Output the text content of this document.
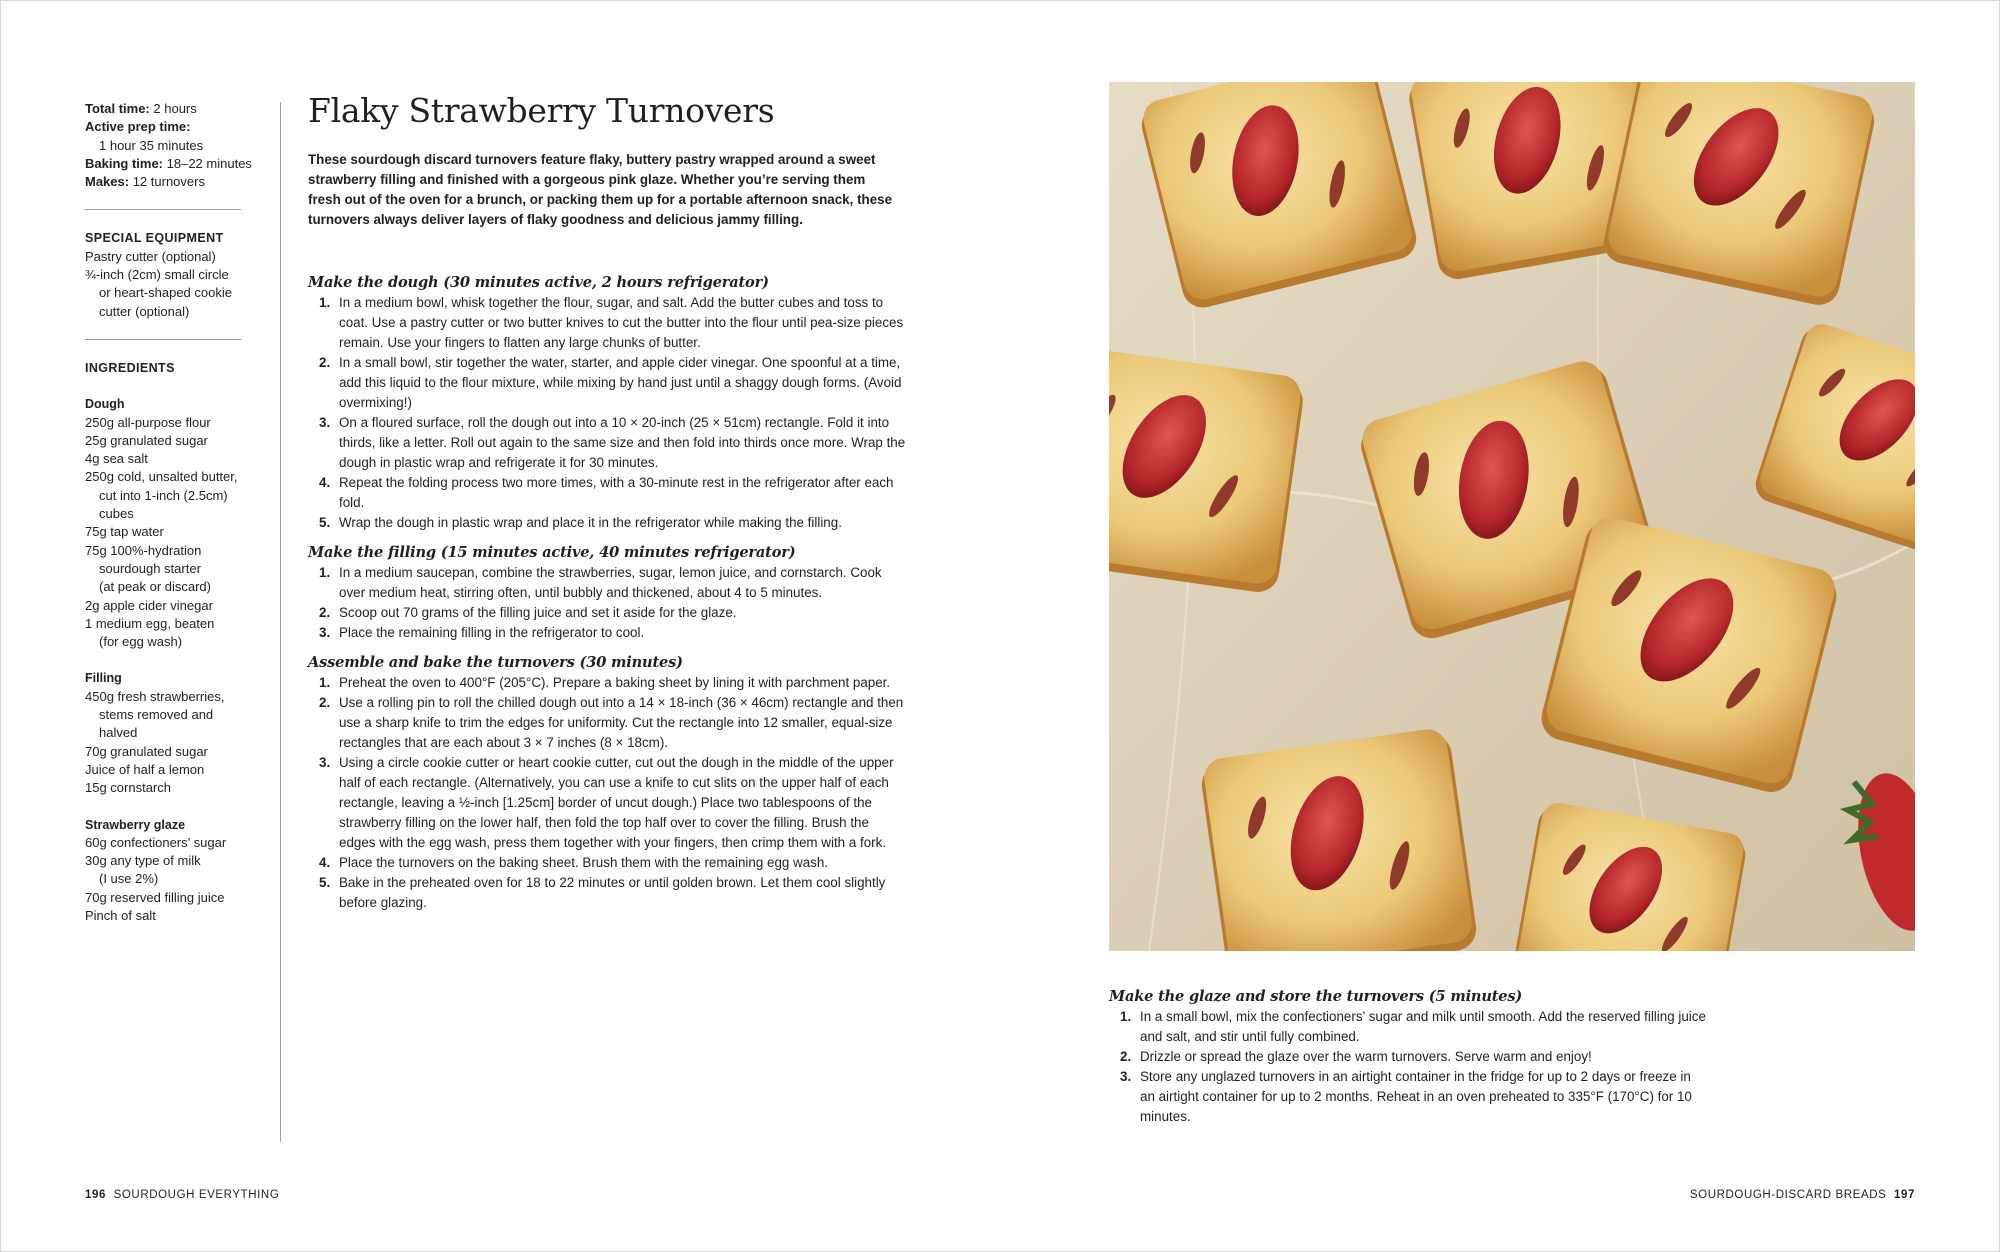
Total time: 2 hours
Active prep time:
1 hour 35 minutes
Baking time: 18–22 minutes
Makes: 12 turnovers
SPECIAL EQUIPMENT
Pastry cutter (optional)
¾-inch (2cm) small circle
or heart-shaped cookie
cutter (optional)
INGREDIENTS
Dough
250g all-purpose flour
25g granulated sugar
4g sea salt
250g cold, unsalted butter,
cut into 1-inch (2.5cm)
cubes
75g tap water
75g 100%-hydration
sourdough starter
(at peak or discard)
2g apple cider vinegar
1 medium egg, beaten
(for egg wash)
Filling
450g fresh strawberries,
stems removed and
halved
70g granulated sugar
Juice of half a lemon
15g cornstarch
Strawberry glaze
60g confectioners’ sugar
30g any type of milk
(I use 2%)
70g reserved filling juice
Pinch of salt
Flaky Strawberry Turnovers

These sourdough discard turnovers feature flaky, buttery pastry wrapped around a sweet strawberry filling and finished with a gorgeous pink glaze. Whether you’re serving them fresh out of the oven for a brunch, or packing them up for a portable afternoon snack, these turnovers always deliver layers of flaky goodness and delicious jammy filling.

Make the dough (30 minutes active, 2 hours refrigerator)
1. In a medium bowl, whisk together the flour, sugar, and salt. Add the butter cubes and toss to coat. Use a pastry cutter or two butter knives to cut the butter into the flour until pea-size pieces remain. Use your fingers to flatten any large chunks of butter.
2. In a small bowl, stir together the water, starter, and apple cider vinegar. One spoonful at a time, add this liquid to the flour mixture, while mixing by hand just until a shaggy dough forms. (Avoid overmixing!)
3. On a floured surface, roll the dough out into a 10 × 20-inch (25 × 51cm) rectangle. Fold it into thirds, like a letter. Roll out again to the same size and then fold into thirds once more. Wrap the dough in plastic wrap and refrigerate it for 30 minutes.
4. Repeat the folding process two more times, with a 30-minute rest in the refrigerator after each fold.
5. Wrap the dough in plastic wrap and place it in the refrigerator while making the filling.
Make the filling (15 minutes active, 40 minutes refrigerator)
1. In a medium saucepan, combine the strawberries, sugar, lemon juice, and cornstarch. Cook over medium heat, stirring often, until bubbly and thickened, about 4 to 5 minutes.
2. Scoop out 70 grams of the filling juice and set it aside for the glaze.
3. Place the remaining filling in the refrigerator to cool.
Assemble and bake the turnovers (30 minutes)
1. Preheat the oven to 400°F (205°C). Prepare a baking sheet by lining it with parchment paper.
2. Use a rolling pin to roll the chilled dough out into a 14 × 18-inch (36 × 46cm) rectangle and then use a sharp knife to trim the edges for uniformity. Cut the rectangle into 12 smaller, equal-size rectangles that are each about 3 × 7 inches (8 × 18cm).
3. Using a circle cookie cutter or heart cookie cutter, cut out the dough in the middle of the upper half of each rectangle. (Alternatively, you can use a knife to cut slits on the upper half of each rectangle, leaving a ½-inch [1.25cm] border of uncut dough.) Place two tablespoons of the strawberry filling on the lower half, then fold the top half over to cover the filling. Brush the edges with the egg wash, press them together with your fingers, then crimp them with a fork.
4. Place the turnovers on the baking sheet. Brush them with the remaining egg wash.
5. Bake in the preheated oven for 18 to 22 minutes or until golden brown. Let them cool slightly before glazing.
Make the glaze and store the turnovers (5 minutes)
1. In a small bowl, mix the confectioners’ sugar and milk until smooth. Add the reserved filling juice and salt, and stir until fully combined.
2. Drizzle or spread the glaze over the warm turnovers. Serve warm and enjoy!
3. Store any unglazed turnovers in an airtight container in the fridge for up to 2 days or freeze in an airtight container for up to 2 months. Reheat in an oven preheated to 335°F (170°C) for 10 minutes.
196 SOURDOUGH EVERYTHING	SOURDOUGH-DISCARD BREADS 197
